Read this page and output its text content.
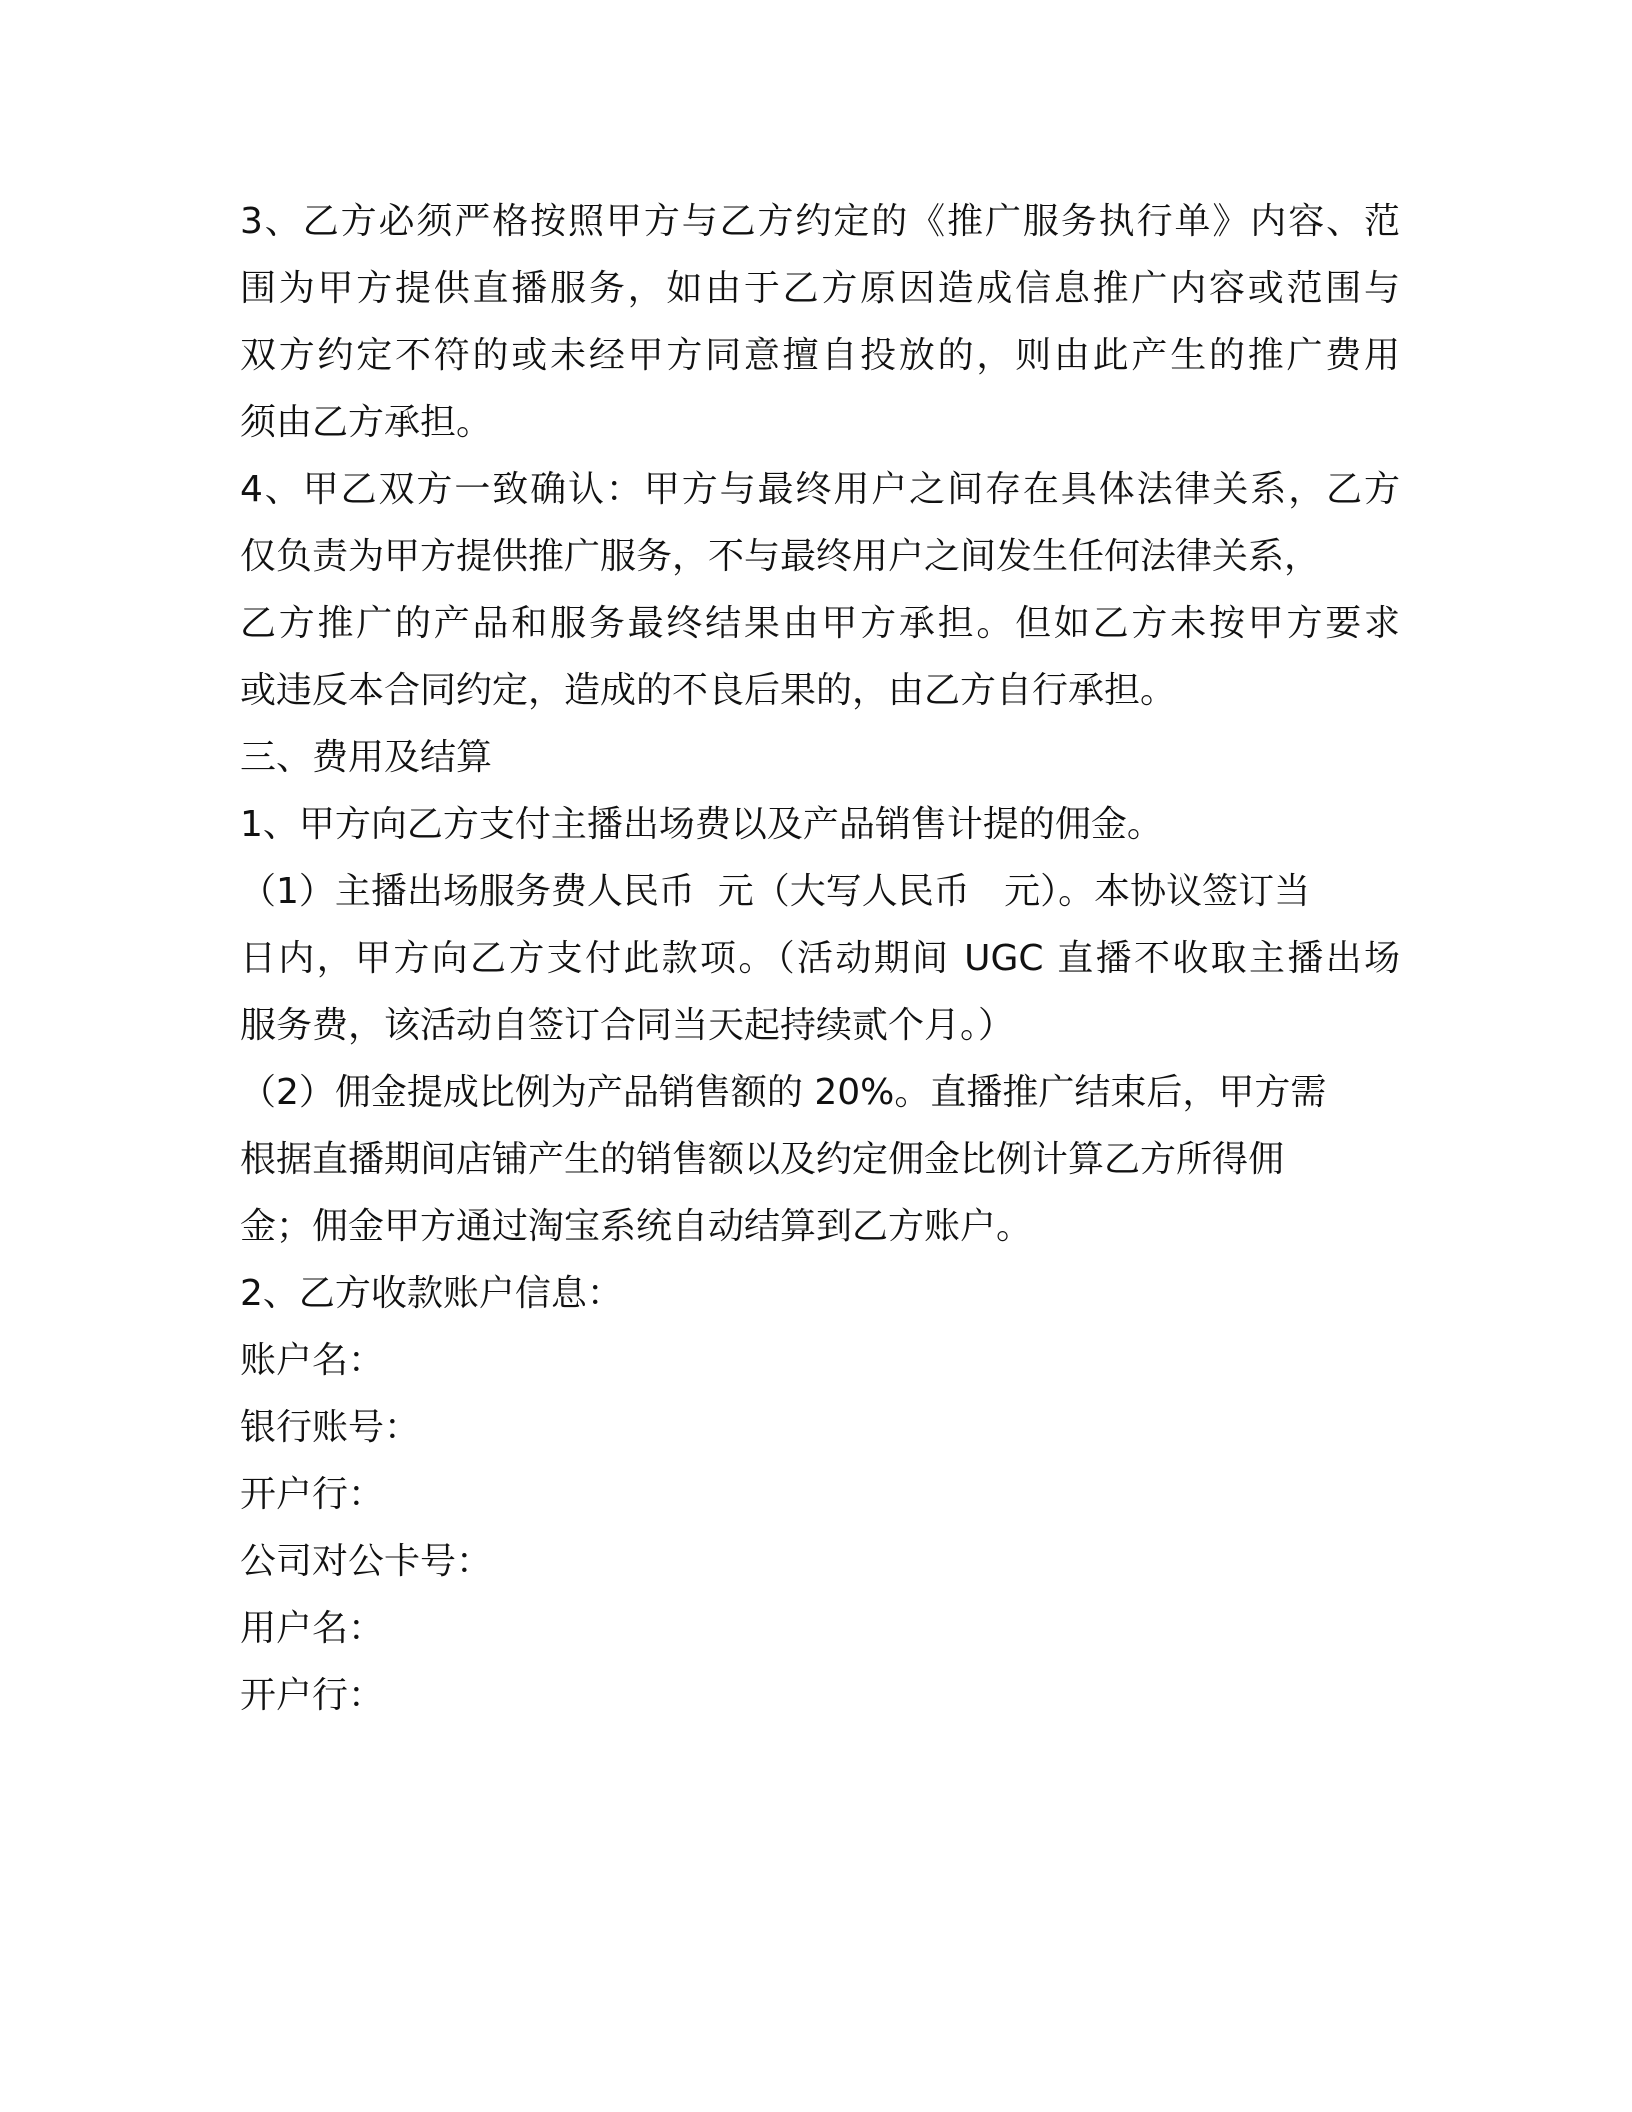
3、乙方必须严格按照甲方与乙方约定的《推广服务执行单》内容、范
围为甲方提供直播服务，如由于乙方原因造成信息推广内容或范围与
双方约定不符的或未经甲方同意擅自投放的，则由此产生的推广费用
须由乙方承担。
4、甲乙双方一致确认：甲方与最终用户之间存在具体法律关系，乙方
仅负责为甲方提供推广服务，不与最终用户之间发生任何法律关系，
乙方推广的产品和服务最终结果由甲方承担。但如乙方未按甲方要求
或违反本合同约定，造成的不良后果的，由乙方自行承担。
三、费用及结算
1、甲方向乙方支付主播出场费以及产品销售计提的佣金。
（1）主播出场服务费人民币  元（大写人民币   元）。本协议签订当
日内，甲方向乙方支付此款项。（活动期间 UGC 直播不收取主播出场
服务费，该活动自签订合同当天起持续贰个月。）
（2）佣金提成比例为产品销售额的 20%。直播推广结束后，甲方需
根据直播期间店铺产生的销售额以及约定佣金比例计算乙方所得佣
金；佣金甲方通过淘宝系统自动结算到乙方账户。
2、乙方收款账户信息：
账户名：
银行账号：
开户行：
公司对公卡号：
用户名：
开户行：
